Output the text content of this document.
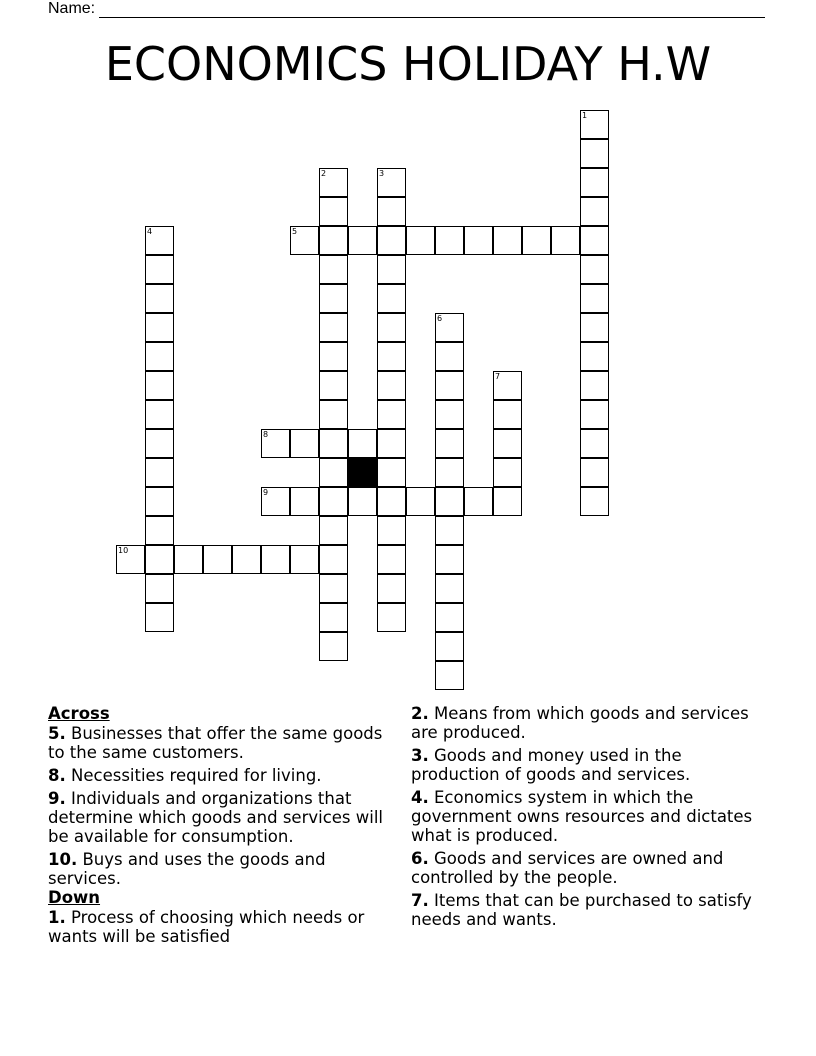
Name:
ECONOMICS HOLIDAY H.W
1
2	3
4	5
6
7
8
9
10
Across
5. Businesses that offer the same goods to the same customers.
8. Necessities required for living.
9. Individuals and organizations that determine which goods and services will be available for consumption.
10. Buys and uses the goods and services.
Down
1. Process of choosing which needs or wants will be satisfied
2. Means from which goods and services are produced.
3. Goods and money used in the production of goods and services.
4. Economics system in which the government owns resources and dictates what is produced.
6. Goods and services are owned and controlled by the people.
7. Items that can be purchased to satisfy needs and wants.
